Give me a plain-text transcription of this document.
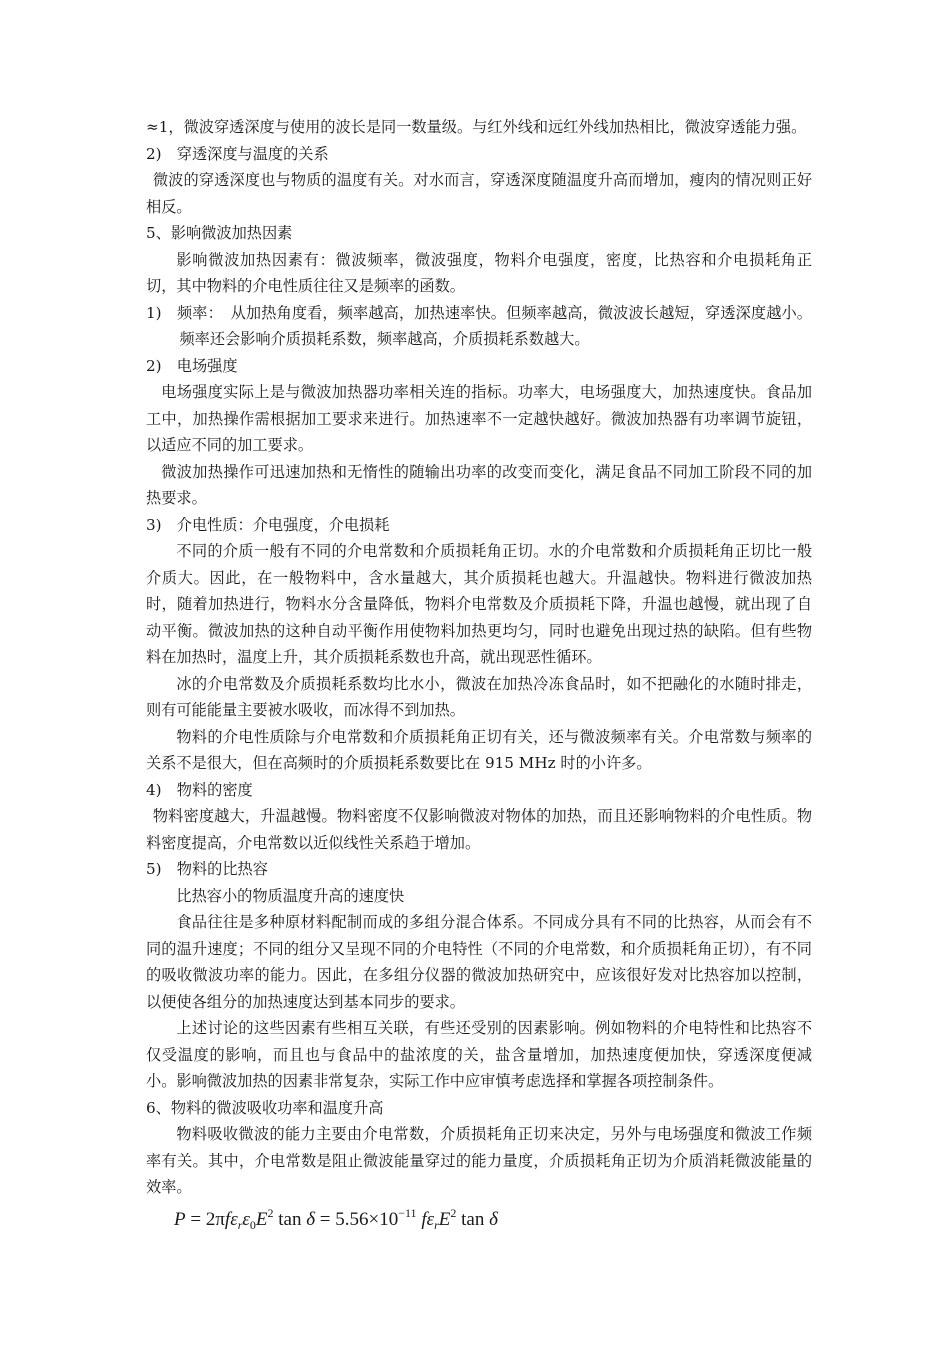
≈1，微波穿透深度与使用的波长是同一数量级。与红外线和远红外线加热相比，微波穿透能力强。

2)　穿透深度与温度的关系

微波的穿透深度也与物质的温度有关。对水而言，穿透深度随温度升高而增加，瘦肉的情况则正好相反。

5、影响微波加热因素

影响微波加热因素有：微波频率，微波强度，物料介电强度，密度，比热容和介电损耗角正切，其中物料的介电性质往往又是频率的函数。

1)　频率：　从加热角度看，频率越高，加热速率快。但频率越高，微波波长越短，穿透深度越小。频率还会影响介质损耗系数，频率越高，介质损耗系数越大。

2)　电场强度

电场强度实际上是与微波加热器功率相关连的指标。功率大，电场强度大，加热速度快。食品加工中，加热操作需根据加工要求来进行。加热速率不一定越快越好。微波加热器有功率调节旋钮，以适应不同的加工要求。

微波加热操作可迅速加热和无惰性的随输出功率的改变而变化，满足食品不同加工阶段不同的加热要求。

3)　介电性质：介电强度，介电损耗

不同的介质一般有不同的介电常数和介质损耗角正切。水的介电常数和介质损耗角正切比一般介质大。因此，在一般物料中，含水量越大，其介质损耗也越大。升温越快。物料进行微波加热时，随着加热进行，物料水分含量降低，物料介电常数及介质损耗下降，升温也越慢，就出现了自动平衡。微波加热的这种自动平衡作用使物料加热更均匀，同时也避免出现过热的缺陷。但有些物料在加热时，温度上升，其介质损耗系数也升高，就出现恶性循环。

冰的介电常数及介质损耗系数均比水小，微波在加热冷冻食品时，如不把融化的水随时排走，则有可能能量主要被水吸收，而冰得不到加热。

物料的介电性质除与介电常数和介质损耗角正切有关，还与微波频率有关。介电常数与频率的关系不是很大，但在高频时的介质损耗系数要比在 915 MHz 时的小许多。

4)　物料的密度

物料密度越大，升温越慢。物料密度不仅影响微波对物体的加热，而且还影响物料的介电性质。物料密度提高，介电常数以近似线性关系趋于增加。

5)　物料的比热容

比热容小的物质温度升高的速度快

食品往往是多种原材料配制而成的多组分混合体系。不同成分具有不同的比热容，从而会有不同的温升速度；不同的组分又呈现不同的介电特性（不同的介电常数，和介质损耗角正切），有不同的吸收微波功率的能力。因此，在多组分仪器的微波加热研究中，应该很好发对比热容加以控制，以便使各组分的加热速度达到基本同步的要求。

上述讨论的这些因素有些相互关联，有些还受别的因素影响。例如物料的介电特性和比热容不仅受温度的影响，而且也与食品中的盐浓度的关，盐含量增加，加热速度便加快，穿透深度便减小。影响微波加热的因素非常复杂，实际工作中应审慎考虑选择和掌握各项控制条件。

6、物料的微波吸收功率和温度升高

物料吸收微波的能力主要由介电常数，介质损耗角正切来决定，另外与电场强度和微波工作频率有关。其中，介电常数是阻止微波能量穿过的能力量度，介质损耗角正切为介质消耗微波能量的效率。

$P = 2\pi f\varepsilon_r\varepsilon_0E^2$ $\tan \delta = 5.56\times 10^{-11}$ $f\varepsilon_rE^2$ tan δ
